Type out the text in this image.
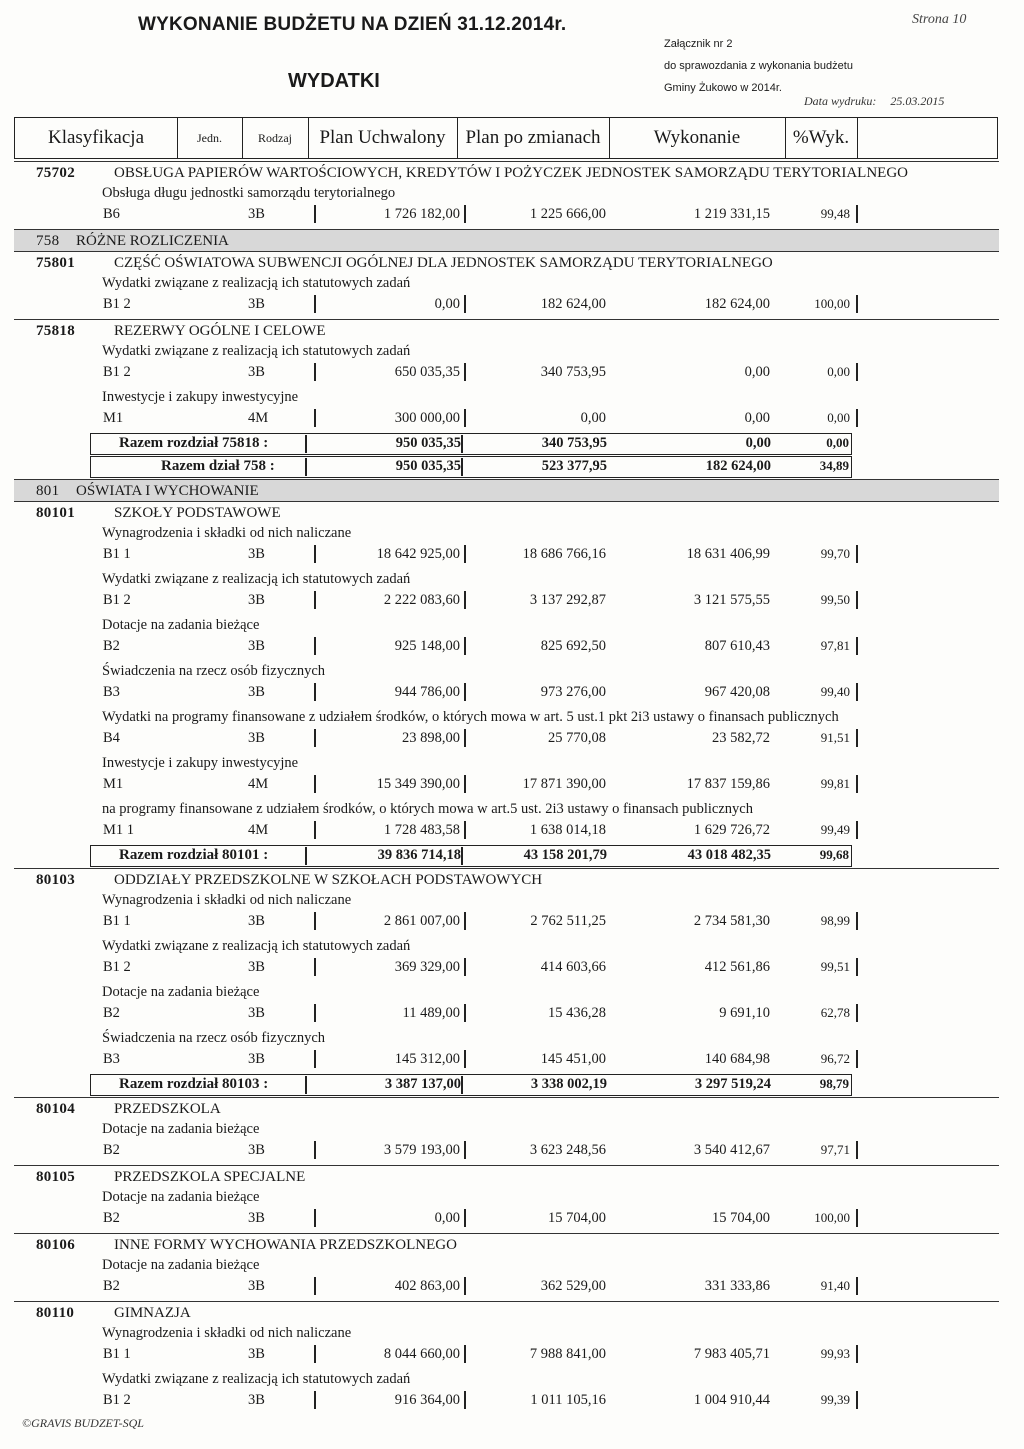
WYKONANIE BUDŻETU NA DZIEŃ 31.12.2014r.
WYDATKI
Strona 10
Załącznik nr 2
do sprawozdania z wykonania budżetu
Gminy Żukowo w 2014r.
Data wydruku: 25.03.2015
Klasyfikacja	Jedn.	Rodzaj	Plan Uchwalony	Plan po zmianach	Wykonanie	%Wyk.
75702	OBSŁUGA PAPIERÓW WARTOŚCIOWYCH, KREDYTÓW I POŻYCZEK JEDNOSTEK SAMORZĄDU TERYTORIALNEGO
Obsługa długu jednostki samorządu terytorialnego
B6	3B	1 726 182,00	1 225 666,00	1 219 331,15	99,48
758 RÓŻNE ROZLICZENIA
75801	CZĘŚĆ OŚWIATOWA SUBWENCJI OGÓLNEJ DLA JEDNOSTEK SAMORZĄDU TERYTORIALNEGO
Wydatki związane z realizacją ich statutowych zadań
B1 2	3B	0,00	182 624,00	182 624,00	100,00
75818	REZERWY OGÓLNE I CELOWE
Wydatki związane z realizacją ich statutowych zadań
B1 2	3B	650 035,35	340 753,95	0,00	0,00
Inwestycje i zakupy inwestycyjne
M1	4M	300 000,00	0,00	0,00	0,00
Razem rozdział 75818 :	950 035,35	340 753,95	0,00	0,00
Razem dział 758 :	950 035,35	523 377,95	182 624,00	34,89
801 OŚWIATA I WYCHOWANIE
80101	SZKOŁY PODSTAWOWE
Wynagrodzenia i składki od nich naliczane
B1 1	3B	18 642 925,00	18 686 766,16	18 631 406,99	99,70
Wydatki związane z realizacją ich statutowych zadań
B1 2	3B	2 222 083,60	3 137 292,87	3 121 575,55	99,50
Dotacje na zadania bieżące
B2	3B	925 148,00	825 692,50	807 610,43	97,81
Świadczenia na rzecz osób fizycznych
B3	3B	944 786,00	973 276,00	967 420,08	99,40
Wydatki na programy finansowane z udziałem środków, o których mowa w art. 5 ust.1 pkt 2i3 ustawy o finansach publicznych
B4	3B	23 898,00	25 770,08	23 582,72	91,51
Inwestycje i zakupy inwestycyjne
M1	4M	15 349 390,00	17 871 390,00	17 837 159,86	99,81
na programy finansowane z udziałem środków, o których mowa w art.5 ust. 2i3 ustawy o finansach publicznych
M1 1	4M	1 728 483,58	1 638 014,18	1 629 726,72	99,49
Razem rozdział 80101 :	39 836 714,18	43 158 201,79	43 018 482,35	99,68
80103	ODDZIAŁY PRZEDSZKOLNE W SZKOŁACH PODSTAWOWYCH
Wynagrodzenia i składki od nich naliczane
B1 1	3B	2 861 007,00	2 762 511,25	2 734 581,30	98,99
Wydatki związane z realizacją ich statutowych zadań
B1 2	3B	369 329,00	414 603,66	412 561,86	99,51
Dotacje na zadania bieżące
B2	3B	11 489,00	15 436,28	9 691,10	62,78
Świadczenia na rzecz osób fizycznych
B3	3B	145 312,00	145 451,00	140 684,98	96,72
Razem rozdział 80103 :	3 387 137,00	3 338 002,19	3 297 519,24	98,79
80104	PRZEDSZKOLA
Dotacje na zadania bieżące
B2	3B	3 579 193,00	3 623 248,56	3 540 412,67	97,71
80105	PRZEDSZKOLA SPECJALNE
Dotacje na zadania bieżące
B2	3B	0,00	15 704,00	15 704,00	100,00
80106	INNE FORMY WYCHOWANIA PRZEDSZKOLNEGO
Dotacje na zadania bieżące
B2	3B	402 863,00	362 529,00	331 333,86	91,40
80110	GIMNAZJA
Wynagrodzenia i składki od nich naliczane
B1 1	3B	8 044 660,00	7 988 841,00	7 983 405,71	99,93
Wydatki związane z realizacją ich statutowych zadań
B1 2	3B	916 364,00	1 011 105,16	1 004 910,44	99,39
©GRAVIS BUDZET-SQL
